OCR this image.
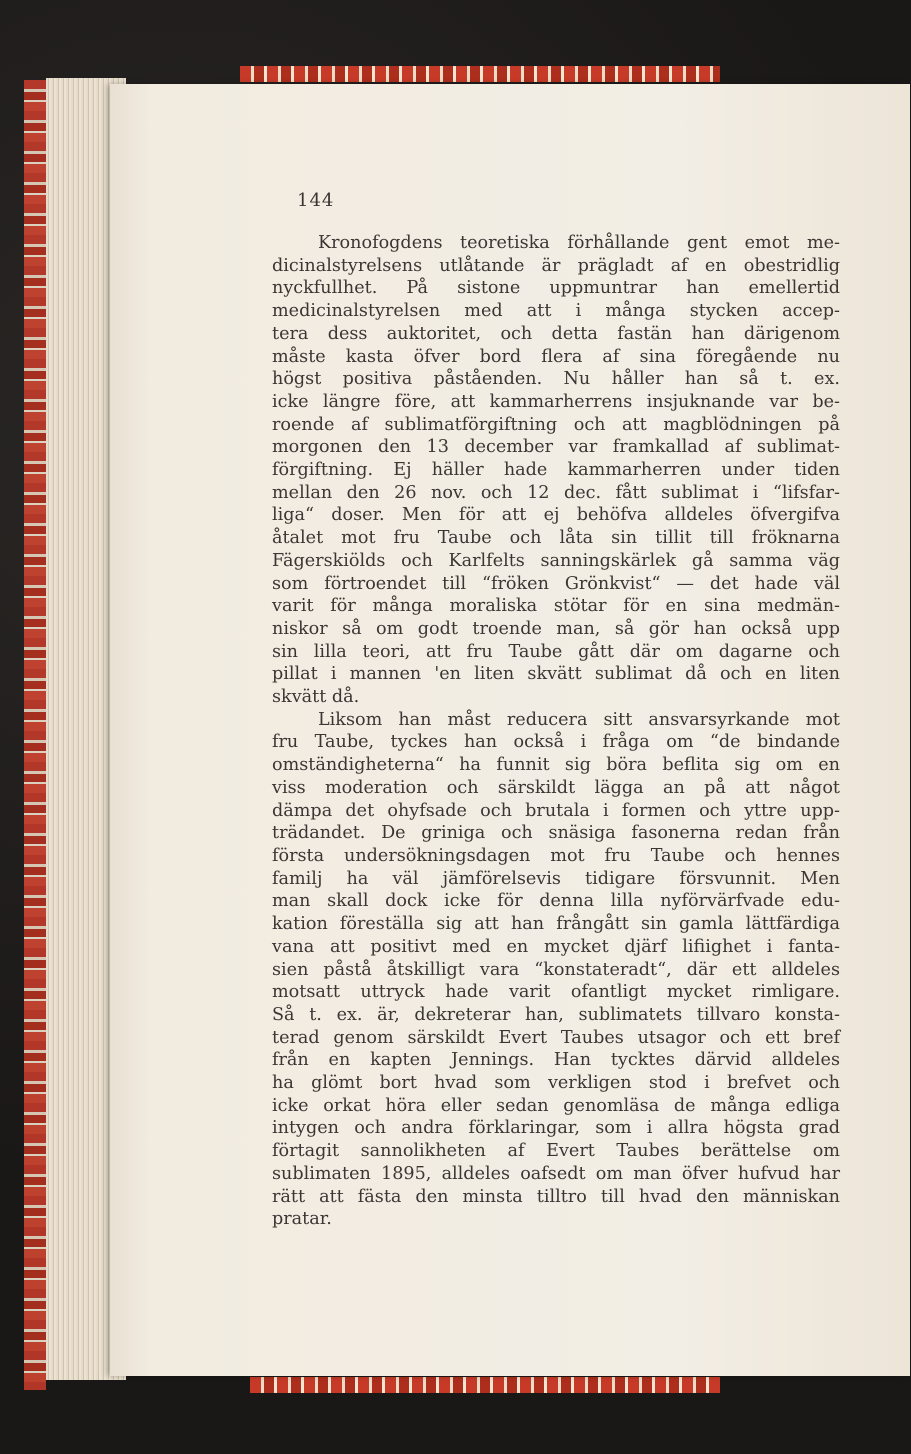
144

Kronofogdens teoretiska förhållande gent emot me-
dicinalstyrelsens utlåtande är prägladt af en obestridlig
nyckfullhet. På sistone uppmuntrar han emellertid
medicinalstyrelsen med att i många stycken accep-
tera dess auktoritet, och detta fastän han därigenom
måste kasta öfver bord flera af sina föregående nu
högst positiva påståenden. Nu håller han så t. ex.
icke längre före, att kammarherrens insjuknande var be-
roende af sublimatförgiftning och att magblödningen på
morgonen den 13 december var framkallad af sublimat-
förgiftning. Ej häller hade kammarherren under tiden
mellan den 26 nov. och 12 dec. fått sublimat i “lifsfar-
liga“ doser. Men för att ej behöfva alldeles öfvergifva
åtalet mot fru Taube och låta sin tillit till fröknarna
Fägerskiölds och Karlfelts sanningskärlek gå samma väg
som förtroendet till “fröken Grönkvist“ — det hade väl
varit för många moraliska stötar för en sina medmän-
niskor så om godt troende man, så gör han också upp
sin lilla teori, att fru Taube gått där om dagarne och
pillat i mannen 'en liten skvätt sublimat då och en liten
skvätt då.

Liksom han måst reducera sitt ansvarsyrkande mot
fru Taube, tyckes han också i fråga om “de bindande
omständigheterna“ ha funnit sig böra beflita sig om en
viss moderation och särskildt lägga an på att något
dämpa det ohyfsade och brutala i formen och yttre upp-
trädandet. De griniga och snäsiga fasonerna redan från
första undersökningsdagen mot fru Taube och hennes
familj ha väl jämförelsevis tidigare försvunnit. Men
man skall dock icke för denna lilla nyförvärfvade edu-
kation föreställa sig att han frångått sin gamla lättfärdiga
vana att positivt med en mycket djärf lifiighet i fanta-
sien påstå åtskilligt vara “konstateradt“, där ett alldeles
motsatt uttryck hade varit ofantligt mycket rimligare.
Så t. ex. är, dekreterar han, sublimatets tillvaro konsta-
terad genom särskildt Evert Taubes utsagor och ett bref
från en kapten Jennings. Han tycktes därvid alldeles
ha glömt bort hvad som verkligen stod i brefvet och
icke orkat höra eller sedan genomläsa de många edliga
intygen och andra förklaringar, som i allra högsta grad
förtagit sannolikheten af Evert Taubes berättelse om
sublimaten 1895, alldeles oafsedt om man öfver hufvud har
rätt att fästa den minsta tilltro till hvad den människan
pratar.
